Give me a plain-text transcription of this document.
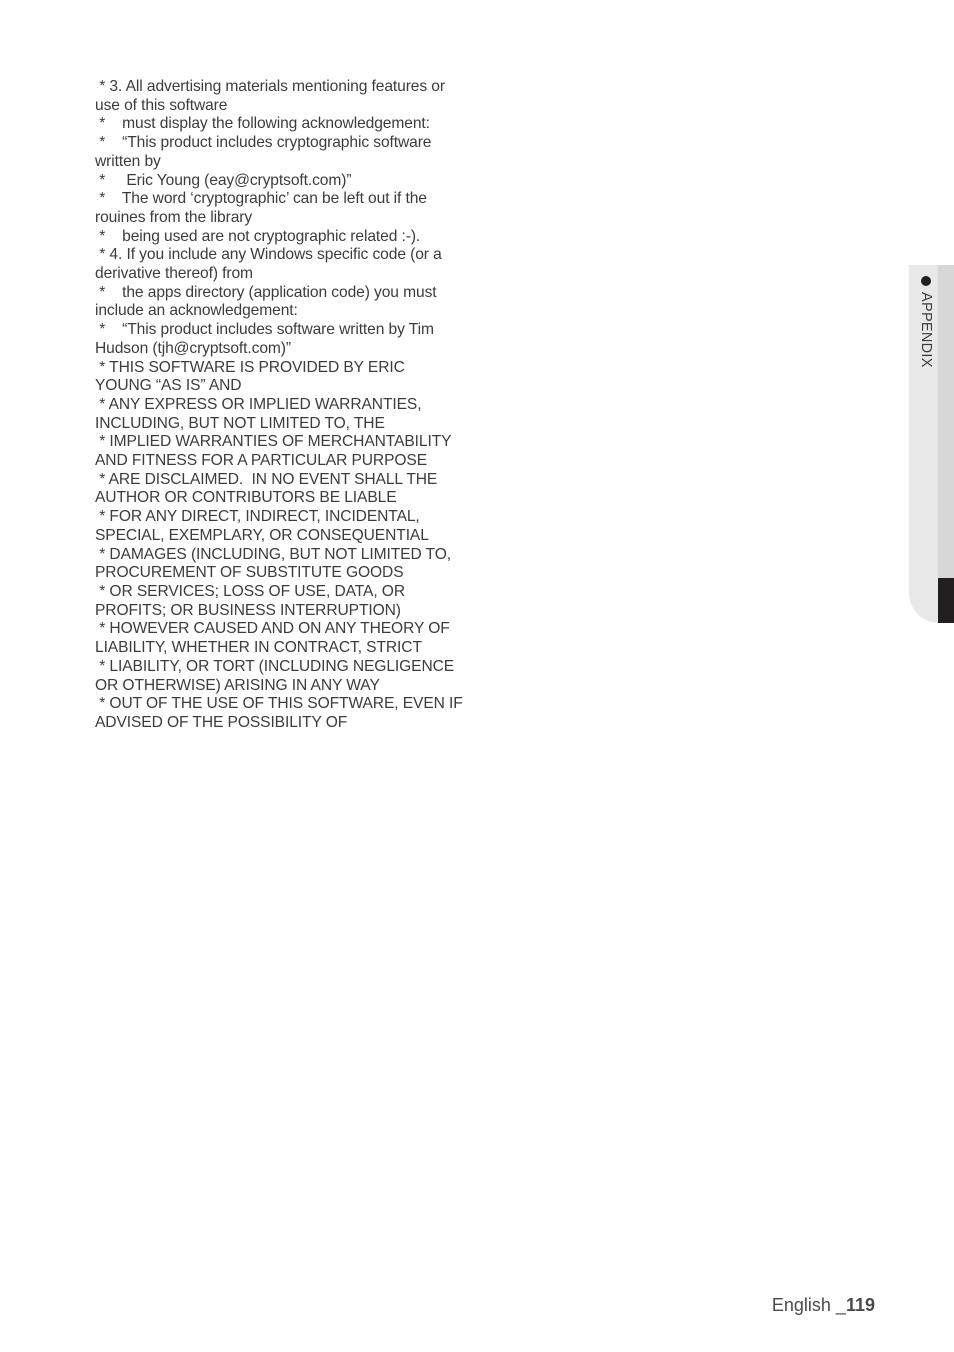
* 3. All advertising materials mentioning features or
use of this software
*    must display the following acknowledgement:
*    “This product includes cryptographic software
written by
*     Eric Young (eay@cryptsoft.com)”
*    The word ‘cryptographic’ can be left out if the
rouines from the library
*    being used are not cryptographic related :-).
* 4. If you include any Windows specific code (or a
derivative thereof) from
*    the apps directory (application code) you must
include an acknowledgement:
*    “This product includes software written by Tim
Hudson (tjh@cryptsoft.com)”
* THIS SOFTWARE IS PROVIDED BY ERIC
YOUNG “AS IS” AND
* ANY EXPRESS OR IMPLIED WARRANTIES,
INCLUDING, BUT NOT LIMITED TO, THE
* IMPLIED WARRANTIES OF MERCHANTABILITY
AND FITNESS FOR A PARTICULAR PURPOSE
* ARE DISCLAIMED.  IN NO EVENT SHALL THE
AUTHOR OR CONTRIBUTORS BE LIABLE
* FOR ANY DIRECT, INDIRECT, INCIDENTAL,
SPECIAL, EXEMPLARY, OR CONSEQUENTIAL
* DAMAGES (INCLUDING, BUT NOT LIMITED TO,
PROCUREMENT OF SUBSTITUTE GOODS
* OR SERVICES; LOSS OF USE, DATA, OR
PROFITS; OR BUSINESS INTERRUPTION)
* HOWEVER CAUSED AND ON ANY THEORY OF
LIABILITY, WHETHER IN CONTRACT, STRICT
* LIABILITY, OR TORT (INCLUDING NEGLIGENCE
OR OTHERWISE) ARISING IN ANY WAY
* OUT OF THE USE OF THIS SOFTWARE, EVEN IF
ADVISED OF THE POSSIBILITY OF
APPENDIX
English _119
